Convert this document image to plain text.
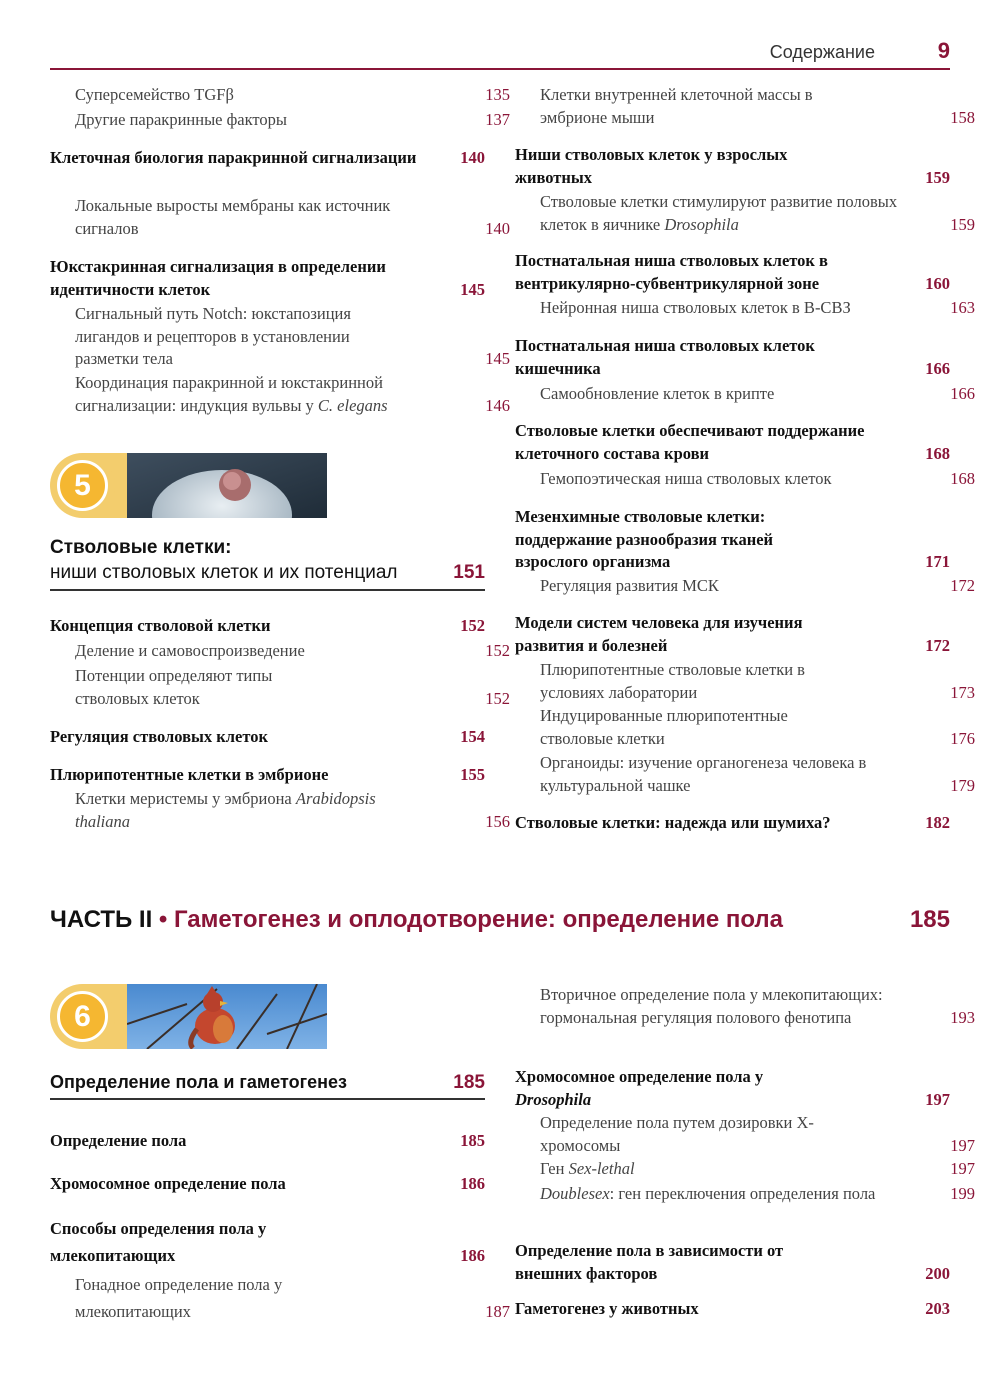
Содержание	9
Суперсемейство TGFβ	135
Другие паракринные факторы	137
Клеточная биология паракринной сигнализации	140
Локальные выросты мембраны как источник сигналов	140
Юкстакринная сигнализация в определении идентичности клеток	145
Сигнальный путь Notch: юкстапозиция лигандов и рецепторов в установлении разметки тела	145
Координация паракринной и юкстакринной сигнализации: индукция вульвы у C. elegans	146
5
Стволовые клетки:
ниши стволовых клеток и их потенциал	151
Концепция стволовой клетки	152
Деление и самовоспроизведение	152
Потенции определяют типы стволовых клеток	152
Регуляция стволовых клеток	154
Плюрипотентные клетки в эмбрионе	155
Клетки меристемы у эмбриона Arabidopsis thaliana	156
Клетки внутренней клеточной массы в эмбрионе мыши	158
Ниши стволовых клеток у взрослых животных	159
Стволовые клетки стимулируют развитие половых клеток в яичнике Drosophila	159
Постнатальная ниша стволовых клеток в вентрикулярно-субвентрикулярной зоне	160
Нейронная ниша стволовых клеток в В-СВЗ	163
Постнатальная ниша стволовых клеток кишечника	166
Самообновление клеток в крипте	166
Стволовые клетки обеспечивают поддержание клеточного состава крови	168
Гемопоэтическая ниша стволовых клеток	168
Мезенхимные стволовые клетки: поддержание разнообразия тканей взрослого организма	171
Регуляция развития МСК	172
Модели систем человека для изучения развития и болезней	172
Плюрипотентные стволовые клетки в условиях лаборатории	173
Индуцированные плюрипотентные стволовые клетки	176
Органоиды: изучение органогенеза человека в культуральной чашке	179
Стволовые клетки: надежда или шумиха?	182
ЧАСТЬ II • Гаметогенез и оплодотворение: определение пола	185
6
Определение пола и гаметогенез	185
Определение пола	185
Хромосомное определение пола	186
Способы определения пола у млекопитающих	186
Гонадное определение пола у млекопитающих	187
Вторичное определение пола у млекопитающих: гормональная регуляция полового фенотипа	193
Хромосомное определение пола у Drosophila	197
Определение пола путем дозировки Х-хромосомы	197
Ген Sex-lethal	197
Doublesex: ген переключения определения пола	199
Определение пола в зависимости от внешних факторов	200
Гаметогенез у животных	203
